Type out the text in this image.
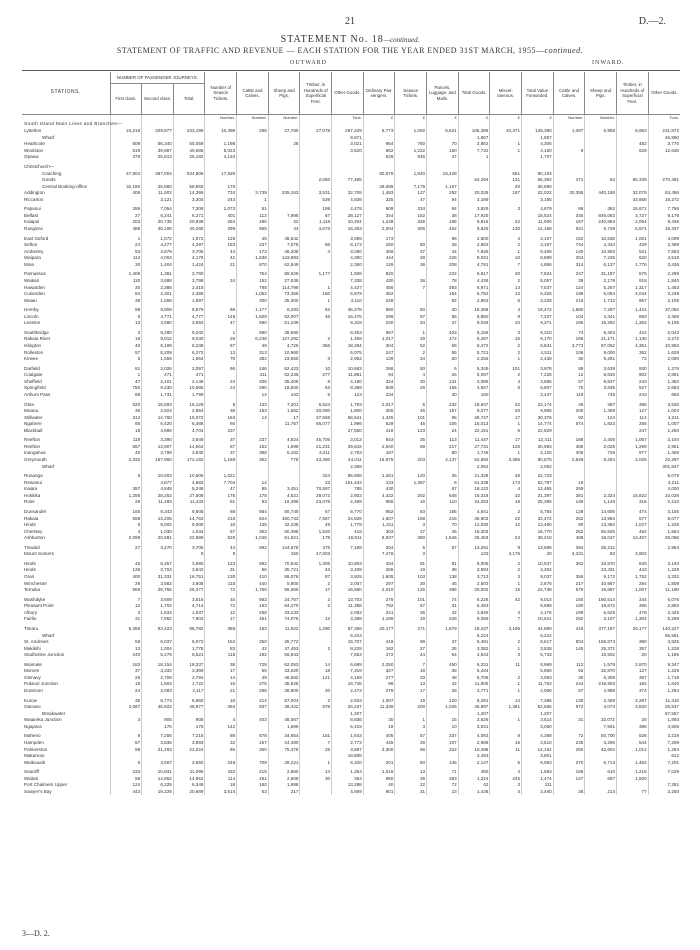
21	D.—2.
STATEMENT No. 18—continued.
STATEMENT OF TRAFFIC AND REVENUE — EACH STATION FOR THE YEAR ENDED 31ST MARCH, 1955—continued.
OUTWARD	INWARD.
STATIONS.	NUMBER OF PASSENGER JOURNEYS.			Number of Season Tickets.	Cattle and Calves.	Sheep and Pigs.	Timber, in Hundreds of Superficial Feet.	Other Goods.	Ordinary Pas-sengers.	Season Tickets.	Parcels, Luggage, and Mails.	Total Goods.	Miscel-laneous.	Total Value Forwarded.	Cattle and Calves.	Sheep and Pigs.	Timber, in Hundreds of Superficial Feet.	Other Goods.
	First class.	Second class.	Total.															
				Number.	Number.	Number.		Tons.	£	£	£	£	£	£	Number.	Number.		Tons.
South Island Main Lines and Branches—																		
Lyttelton	24,218	209,977	233,195	10,498	295	27,780	27,078	267,229	8,773	1,092	5,621	105,388	10,371	135,390	1,087	6,958	8,953	231,872
Wharf								9,671				1,867		1,867				46,850
Heathcote	609	56,340	55,059	1,198		28		3,021	954	760	70	2,862	1	4,306			482	3,770
Woolston	819	39,867	40,686	8,023				3,520	852	1,222	160	7,732	1	4,160	9		629	12,636
Opawa	379	25,813	26,192	4,134					526	845	37	1		1,707				

Christchurch—																		
Coaching	47,804	487,004	534,808	17,829					60,578	1,840	16,428		551	80,153				
Goods							2,060	77,485				64,294	131	65,392	471	64	65,339	270,491
Central Booking-office	32,180	25,960	58,850	175					28,086	7,179	1,157		20	36,890				
Addington	405	11,602	14,396	734	3,739	235,163	3,531	32,709	1,483	127	292	20,025	167	22,022	30,355	440,186	32,076	63,456
Riccarton		3,121	3,304	244	1		539	4,836	325	47	94	3,189		3,155			43,856	16,272

Papanui	286	7,054	7,308	1,073	51		199	4,478	609	334	84	3,829	3	4,879	86	362	15,671	7,756
Belfast	27	6,241	6,271	401	112	7,995	67	28,127	344	182	38	17,920		18,524	345	846,082	3,727	9,176
Kaiapoi	203	20,735	20,938	284	290	32	1,118	10,204	1,248	326	186	9,815	22	11,600	167	240,853	2,054	8,436
Rangiora	489	40,106	40,265	299	955	44	4,673	16,303	2,004	306	462	9,625	130	14,169	821	6,728	5,571	16,337

East Oxford	1	1,672	1,672	128	45	45,542		3,086	173		98	2,800	4	3,107	152	10,636	1,001	3,099
Sefton	24	4,277	4,297	153	237	7,076	86	8,172	250	60	28	2,863	2	3,197	744	4,334	429	2,389
Amberley	53	3,679	3,706	44	173	46,208	4	3,080	366	37	44	7,845	1	8,408	140	10,903	521	7,553
Waipara	112	4,004	4,176	42	1,638	143,983		4,390	444	28	226	8,031	10	8,869	304	7,236	520	4,518
Mina	30	1,404	1,424	21	870	62,649		2,350	126	36	208	4,791	7	4,866	314	6,137	1,776	3,436

Parnassus	1,409	1,381	2,790		754	89,629	1,177	1,936	820		222	6,817	20	7,824	247	31,187	576	2,289
Waikari	110	3,688	3,798	34	152	27,035		7,338	430	36	78	4,436	2	5,057	39	2,179	918	1,840
Hawarden	30	2,386	2,416		798	114,799	1	4,427	456	7	393	6,971	14	7,537	124	5,267	1,317	1,453
Culverden	94	2,301	2,395		1,052	73,355	160	5,679	352		154	5,782	12	6,326	196	5,094	4,044	3,238
Waiau	39	1,658	1,697		300	35,300	1	4,110	228		92	2,963	6	3,328	216	1,712	957	2,109

Hornby	98	9,909	9,976	68	1,177	8,293	52	46,278	960	50	40	18,369	4	19,472	1,880	7,297	1,424	37,082
Lincoln	6	4,771	4,777	148	1,609	62,007	46	16,475	296	97	56	6,850	9	7,237	104	4,341	863	2,406
Leeston	13	3,580	3,693	47	590	51,239		9,316	220	34	37	9,046	10	9,371	185	15,292	1,362	5,105

Southbridge	3	9,280	9,242	1	590	38,580		8,453	667	1	403	5,156	3	6,310	74	6,403	424	2,043
Rakaia River	18	9,012	9,030	28	6,238	127,292	2	1,468	1,017	29	472	5,287	16	6,170	186	21,171	1,130	3,272
Islington	40	6,198	6,238	57	49	4,726	356	18,284	304	52	66	6,472	2	6,841	3,773	67,062	4,351	10,953
Rolleston	57	6,209	6,272	13	313	10,960		6,075	247	2	55	5,721	2	4,511	106	9,000	362	1,629
Kirwee	5	1,559	1,564	79	382	23,660	3	2,962	129	34	60	2,255	1	2,438	30	9,291	72	2,090

Darfield	81	2,026	2,097	66	246	62,423	10	10,663	286	50	6	5,349	101	3,978	89	3,638	930	1,276
Coalgate	1	471	471		411	62,236	277	11,881	94	4	26	5,097	2	7,225	12	8,630	902	2,861
Sheffield	47	2,101	2,148	24	406	35,406	8	4,190	324	30	131	3,086	4	3,565	57	8,837	243	1,352
Springfield	750	9,230	10,565	24	290	18,830	63	8,359	509	26	155	4,927	6	6,607	75	3,839	527	2,683
Arthurs Pass	68	1,731	1,799		14	443	5	123	234		30	160		3,437	119	746	243	656

Otira	520	15,593	16,126	6	133	7,201	6,624	1,793	2,017	5	232	19,847	22	22,174	46	387	386	3,530
Moana	36	2,924	2,964	38	153	1,662	20,080	1,800	355	45	157	9,277	26	9,965	200	1,469	127	1,004
Stillwater	312	14,760	15,072	163	14	17	37,558	56,541	1,425	101	95	28,747	17	30,376	92	124	114	1,211
Ngahere	66	6,420	6,486	66		11,767	66,077	1,996	529	46	105	15,013	1	14,774	574	1,833	255	1,007
Blackball	18	4,686	4,704	237				27,550	418	123	24	22,151	6	22,829			247	1,260

Reefton	119	3,390	3,649	37	237	4,824	45,705	3,012	843	35	113	11,447	17	12,411	188	2,405	1,067	3,104
Reefton	657	13,907	14,564	87	152	1,598	21,231	39,842	2,940	59	217	27,731	126	30,983	386	2,028	1,299	2,951
Inangahua	46	3,799	3,845	37	398	5,162	3,211	2,763	187		80	1,745	1	2,125	306	726	977	1,406
Greymouth	2,332	167,960	172,192	1,188	352	778	43,350	44,011	16,975	203	4,137	52,850	3,395	80,575	2,929	9,294	2,025	22,297
Wharf								2,368				2,062		2,062				301,847

Runanga	6	10,603	10,609	1,021			324	86,808	1,281	120	36	21,329	46	22,723				8,079
Rewanui		4,877	4,883	7,704	14		23	161,434	133	1,367	6	51,336	173	52,787	16			3,211
Kaiata	397	4,848	5,245	47	95	3,451	70,597	785	430		67	18,122	4	12,465	269			4,000
Hokitika	1,256	28,252	27,508	175	178	4,521	29,072	2,602	4,432	202	648	18,318	32	21,397	381	3,324	15,822	10,028
Ross	26	11,493	11,433	51	93	16,396	23,078	2,489	985	16	110	24,253	18	25,395	146	1,148	316	2,210

Dunsandel	165	9,343	9,508	68	664	50,740	67	6,770	952	83	165	4,641	2	5,784	129	14,605	474	3,155
Rakaia	558	14,205	14,763	216	824	150,743	7,567	24,826	1,607	168	216	36,803	22	32,472	262	13,984	577	8,077
Hinds	6	9,002	9,008	18	135	42,238	49	1,778	1,311	3	70	12,030	12	13,480	80	13,394	1,027	1,228
Chertsey	4	1,030	1,034	57	353	60,396	1,520	415	303	27	46	16,303		16,770	252	60,525	452	1,564
Ashburton	2,098	20,691	22,889	626	1,046	61,621	178	16,911	8,937	380	1,546	26,453	24	38,210	468	18,047	13,457	26,066

Tinwald	27	3,470	3,706	44	992	144,878	375	7,188	204	5	57	13,291	9	13,596	394	35,212		2,964
Mount Somers			9	9		150	47,003		7,476	3		133	4,176	20	4,331	83	3,902	

Hinds	45	6,457	3,590	123	592	70,542	1,305	10,803	334	91	91	9,005	2	10,537	362	33,570	840	3,193
Hinds	136	3,704	3,842	31	66	35,721	43	3,408	265	19	38	3,993	2	4,304		23,431	443	1,228
Orari	400	31,331	16,751	130	410	59,078	87	3,925	1,605	103	138	3,712	3	9,037	356	9,172	1,752	3,332
Winchester	26	3,582	3,608	115	440	5,900	2	2,007	297	30	45	2,503	1	2,876	217	40,967	284	1,808
Temuka	556	25,755	26,377	72	1,750	58,560	17	16,660	2,010	125	396	20,002	15	24,748	575	18,687	1,007	11,190

Washdyke	7	3,609	3,616	34	663	24,757	2	13,703	276	101	74	8,226	42	9,014	160	160,514	344	6,076
Pleasant Point	12	1,702	4,714	72	183	64,270	2	11,368	792	57	31	6,483		6,688	180	18,672	396	2,882
Albury	3	1,634	1,637	12	258	33,233		2,062	241	36	42	3,845	4	4,176	199	6,626	478	2,425
Fairlie	31	7,852	7,903	17	461	74,076	12	3,366	1,199	18	228	9,069	7	10,521	282	3,107	1,304	5,266

Timaru	5,359	93,423	98,782	388	163	11,922	1,290	67,358	20,177	271	1,879	19,437	3,196	44,890	419	377,197	20,177	140,227
Wharf								6,224				6,224		6,224				65,551
St. Andrews	58	6,037	6,072	152	250	25,772		15,707	418	98	37	6,491	2	6,617	504	155,874	390	3,825
Makikihi	13	1,004	1,775	83	42	47,453	2	8,228	162	27	25	3,382	1	3,528	145	25,372	357	1,228
Studholme Junction	240	5,276	5,521	115	192	56,943		7,552	472	44	64	4,643	3	5,733		18,502	20	1,186

Waimate	183	18,154	18,337	38	728	62,053	14	6,689	2,250	7	450	6,231	11	8,969	112	1,579	2,870	9,347
Morven	37	3,332	3,369	17	66	33,020	18	7,316	327	18	38	5,434		5,866	52	32,870	127	1,229
Glenavy	26	2,708	2,794	14	49	46,562	121	4,159	277	33	48	5,706	2	3,063	30	6,308	367	1,716
Pukeuri Junction	18	1,604	1,722	15	276	45,626		16,745	96	13	42	11,600	1	11,753	244	218,903	184	1,640
Duntroon	24	2,093	2,117	21	265	38,800	20	2,472	278	17	28	3,771	1	4,066	67	4,988	374	1,294

Kurow	35	6,774	6,850	18	214	57,004	2	2,634	1,007	19	120	6,291	14	7,386	130	2,408	2,287	11,316
Oamaru	2,067	46,922	48,977	284	937	39,422	978	26,237	11,339	200	1,026	45,997	1,361	52,565	672	4,074	3,820	25,537
Breakwater								1,207				1,207		1,207				67,557
Waiareka Junction	3	905	908	4	403	48,067		8,836	30	1	15	3,626	1	3,614	31	32,072	28	1,893
Ngapara		176	176	142		1,696		5,415	18	3	10	3,031		3,060		7,591	388	4,506

Maheno	9	7,206	7,215	88	678	34,654	151	1,642	405	57	337	4,083	8	4,368	72	50,700	526	3,219
Hampden	57	3,836	3,893	32	157	24,480	7	2,772	445	29	107	2,988	16	3,510	235	3,295	544	7,299
Palmerston	98	21,293	22,224	65	360	75,478	25	3,697	3,300	66	322	10,498	11	14,162	250	42,604	1,012	1,294
Makareao								18,808				3,493		3,801				612
Waikouaiti	5	3,567	3,660	248	709	28,221	1	6,320	201	60	145	2,147	5	6,063	270	6,713	1,454	7,201

Seacliff	233	10,831	11,096	432	215	2,660	14	1,254	1,015	13	71	480	4	1,583	158	610	1,218	7,029
Waitati	98	14,852	14,952	114	251	2,608	30	364	860	36	383	1,224	245	1,474	127	687	1,500	
Port Chalmers Upper	124	6,225	6,349	18	160	1,988		13,288	40	22	72	42	3	111				7,281
Sawyer's Bay	443	19,226	20,669	3,514	63	217		4,689	901	31	23	1,438	4	2,440	36	214	77	2,250
3—D. 2.
